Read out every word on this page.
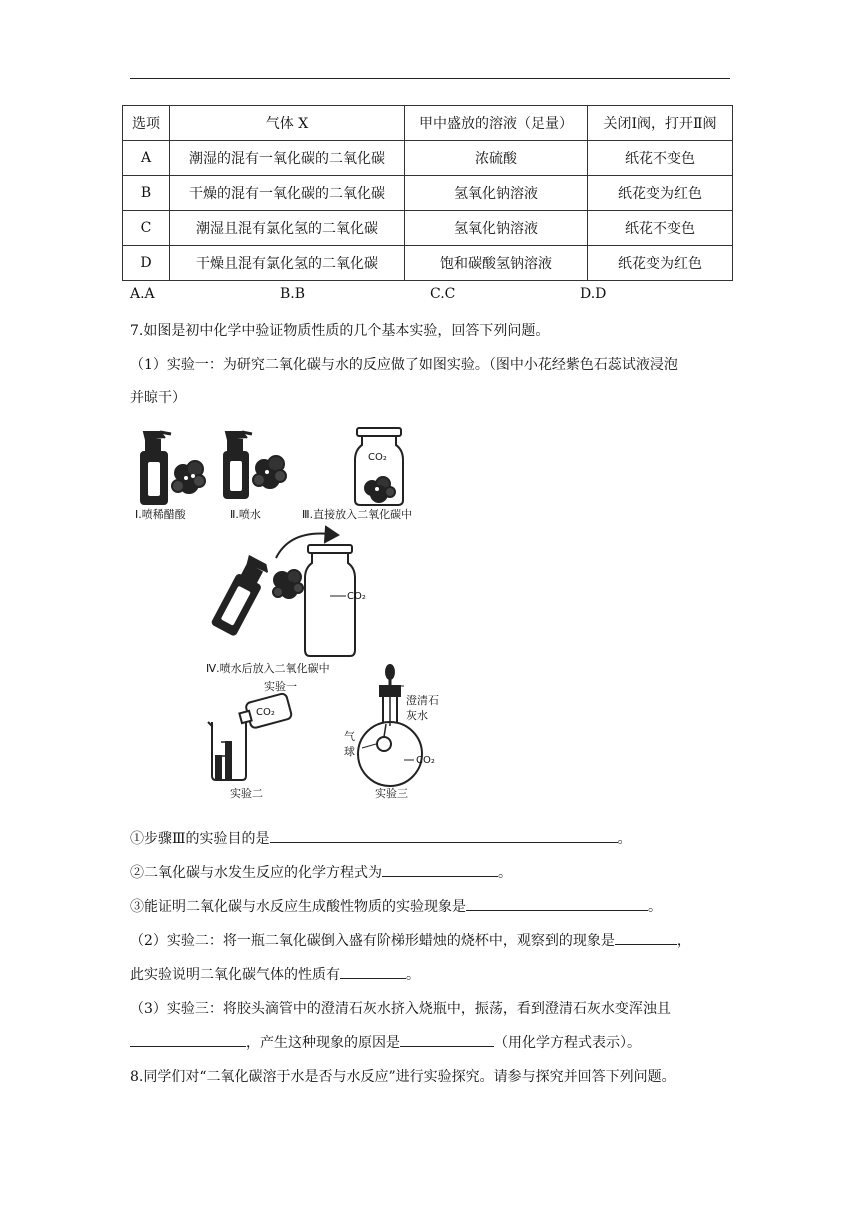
选项	气体 X	甲中盛放的溶液（足量）	关闭Ⅰ阀，打开Ⅱ阀
A	潮湿的混有一氧化碳的二氧化碳	浓硫酸	纸花不变色
B	干燥的混有一氧化碳的二氧化碳	氢氧化钠溶液	纸花变为红色
C	潮湿且混有氯化氢的二氧化碳	氢氧化钠溶液	纸花不变色
D	干燥且混有氯化氢的二氧化碳	饱和碳酸氢钠溶液	纸花变为红色
A.A	B.B	C.C	D.D
7.如图是初中化学中验证物质性质的几个基本实验，回答下列问题。
（1）实验一：为研究二氧化碳与水的反应做了如图实验。（图中小花经紫色石蕊试液浸泡
并晾干）
CO₂
CO₂
CO₂
CO₂
Ⅰ.喷稀醋酸	Ⅱ.喷水	Ⅲ.直接放入二氧化碳中
Ⅳ.喷水后放入二氧化碳中
实验一
实验二	实验三
澄清石
灰水
气
球
①步骤Ⅲ的实验目的是	。
②二氧化碳与水发生反应的化学方程式为	。
③能证明二氧化碳与水反应生成酸性物质的实验现象是	。
（2）实验二：将一瓶二氧化碳倒入盛有阶梯形蜡烛的烧杯中，观察到的现象是	，
此实验说明二氧化碳气体的性质有	。
（3）实验三：将胶头滴管中的澄清石灰水挤入烧瓶中，振荡，看到澄清石灰水变浑浊且
，产生这种现象的原因是	（用化学方程式表示）。
8.同学们对“二氧化碳溶于水是否与水反应”进行实验探究。请参与探究并回答下列问题。
